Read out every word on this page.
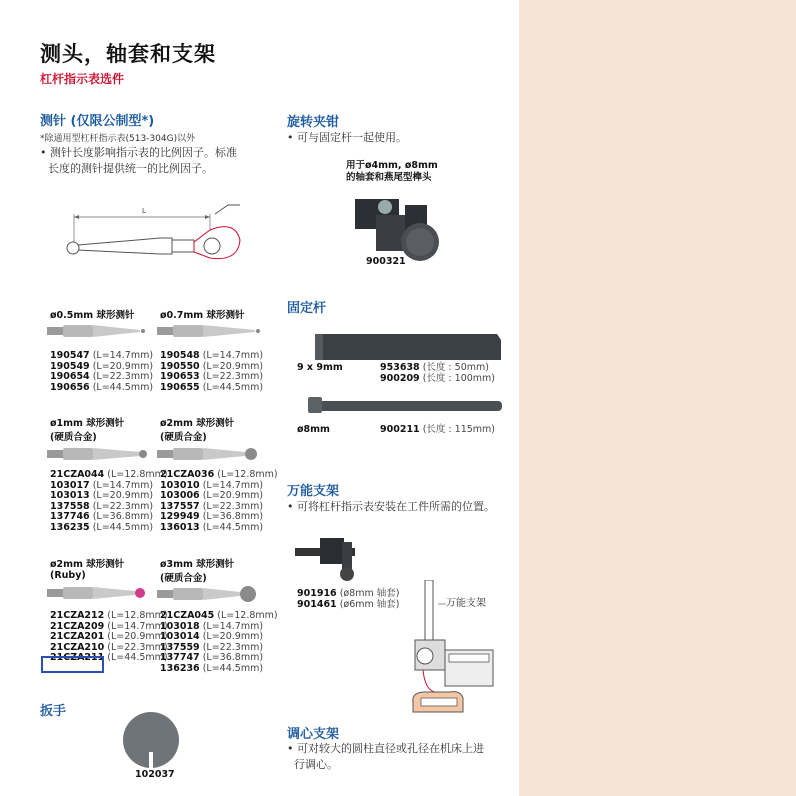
测头，轴套和支架
杠杆指示表选件
测针 (仅限公制型*)
*除通用型杠杆指示表(513-304G)以外
• 测针长度影响指示表的比例因子。标准
长度的测针提供统一的比例因子。
L
ø0.5mm 球形测针
190547 (L=14.7mm)
190549 (L=20.9mm)
190654 (L=22.3mm)
190656 (L=44.5mm)
ø0.7mm 球形测针
190548 (L=14.7mm)
190550 (L=20.9mm)
190653 (L=22.3mm)
190655 (L=44.5mm)
ø1mm 球形测针
(硬质合金)
21CZA044 (L=12.8mm)
103017 (L=14.7mm)
103013 (L=20.9mm)
137558 (L=22.3mm)
137746 (L=36.8mm)
136235 (L=44.5mm)
ø2mm 球形测针
(硬质合金)
21CZA036 (L=12.8mm)
103010 (L=14.7mm)
103006 (L=20.9mm)
137557 (L=22.3mm)
129949 (L=36.8mm)
136013 (L=44.5mm)
ø2mm 球形测针
(Ruby)
21CZA212 (L=12.8mm)
21CZA209 (L=14.7mm)
21CZA201 (L=20.9mm)
21CZA210 (L=22.3mm)
21CZA211 (L=44.5mm)
ø3mm 球形测针
(硬质合金)
21CZA045 (L=12.8mm)
103018 (L=14.7mm)
103014 (L=20.9mm)
137559 (L=22.3mm)
137747 (L=36.8mm)
136236 (L=44.5mm)
扳手
102037
旋转夹钳
• 可与固定杆一起使用。
用于ø4mm, ø8mm
的轴套和燕尾型榫头
900321
固定杆
9 x 9mm	953638 (长度 : 50mm)
900209 (长度 : 100mm)
ø8mm	900211 (长度 : 115mm)
万能支架
• 可将杠杆指示表安装在工件所需的位置。
901916 (ø8mm 轴套)
901461 (ø6mm 轴套)	万能支架
调心支架
• 可对较大的圆柱直径或孔径在机床上进
行调心。
